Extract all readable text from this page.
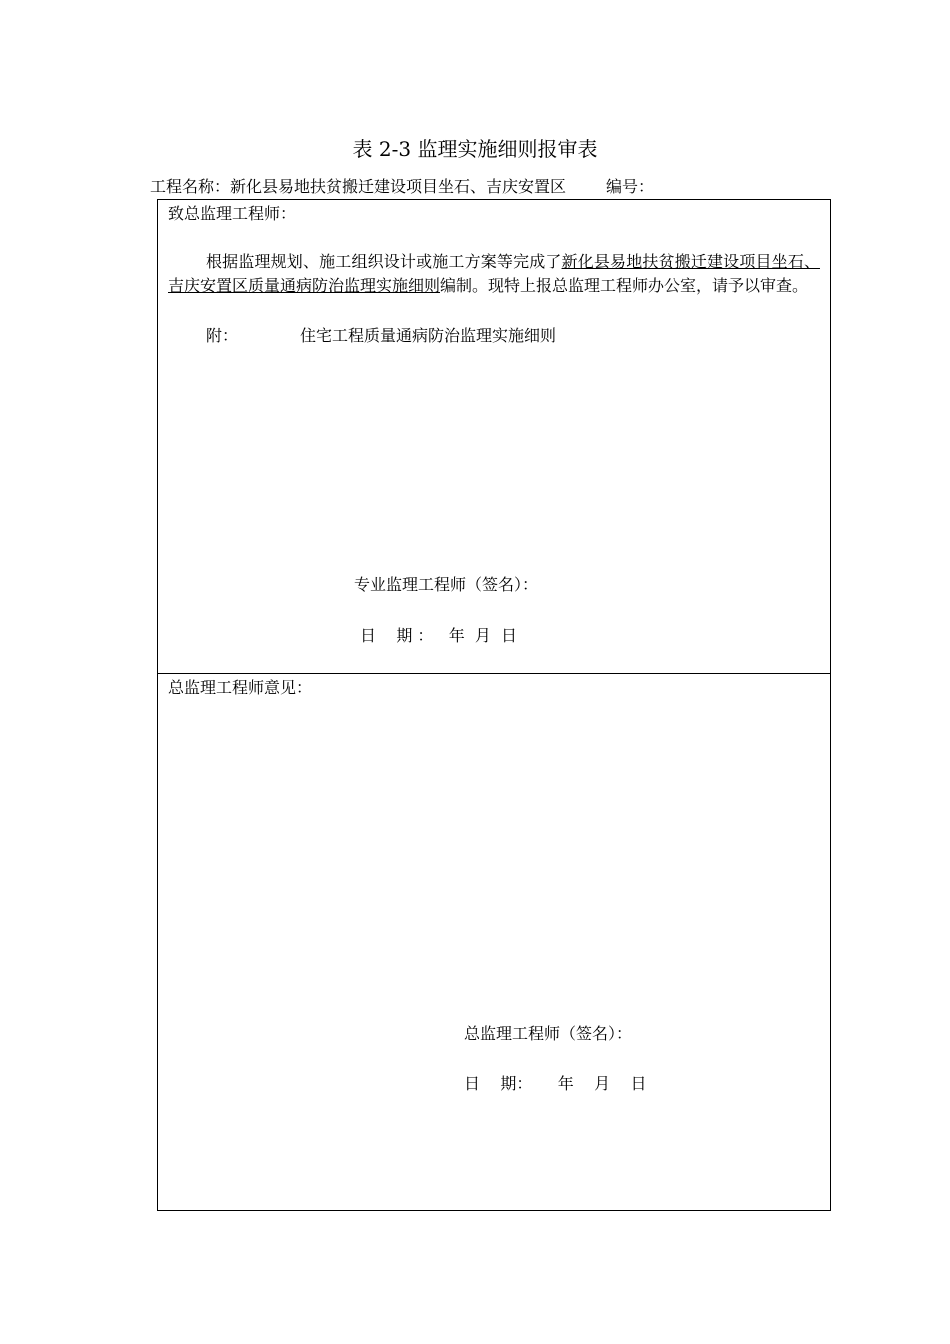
表 2-3 监理实施细则报审表
工程名称：新化县易地扶贫搬迁建设项目坐石、吉庆安置区	编号：
致总监理工程师：
根据监理规划、施工组织设计或施工方案等完成了新化县易地扶贫搬迁建设项目坐石、吉庆安置区质量通病防治监理实施细则编制。现特上报总监理工程师办公室，请予以审查。
附：	住宅工程质量通病防治监理实施细则
专业监理工程师（签名）：
日    期 ：   年  月  日
总监理工程师意见：
总监理工程师（签名）：
日    期：     年    月    日
